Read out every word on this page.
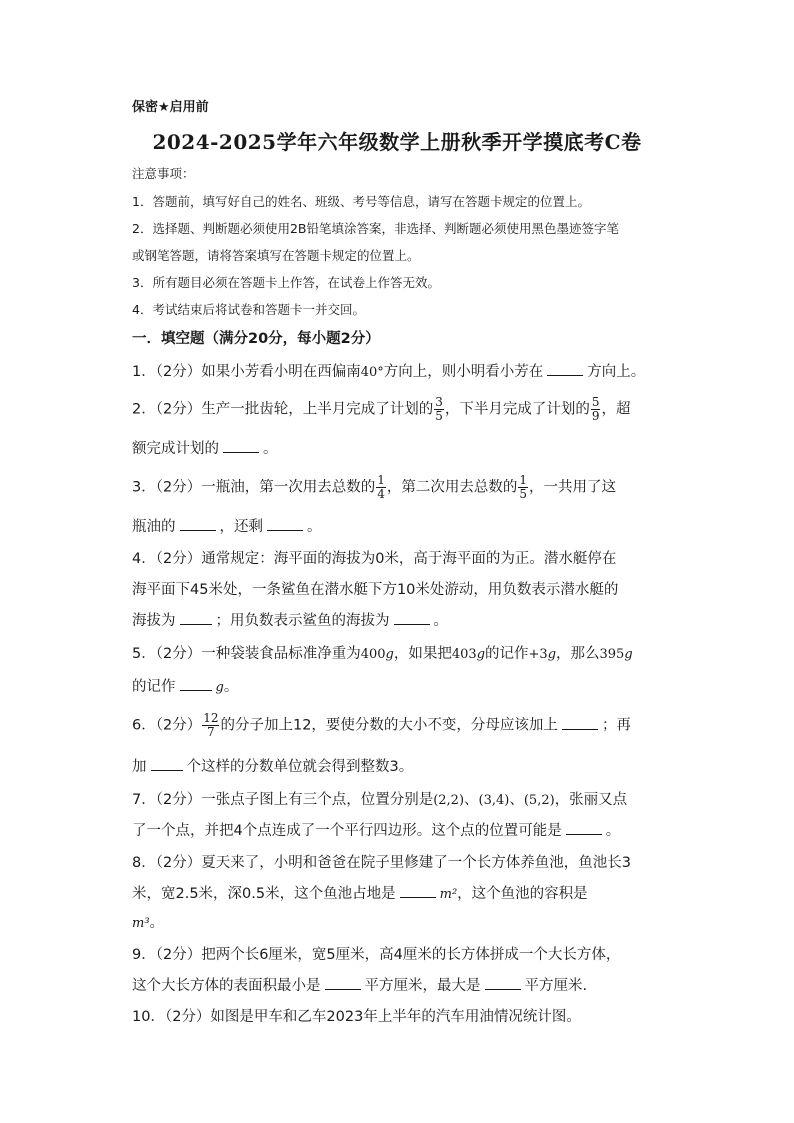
保密★启用前
2024-2025学年六年级数学上册秋季开学摸底考C卷
注意事项：
1．答题前，填写好自己的姓名、班级、考号等信息，请写在答题卡规定的位置上。
2．选择题、判断题必须使用2B铅笔填涂答案，非选择、判断题必须使用黑色墨迹签字笔
或钢笔答题，请将答案填写在答题卡规定的位置上。
3．所有题目必须在答题卡上作答，在试卷上作答无效。
4．考试结束后将试卷和答题卡一并交回。
一．填空题（满分20分，每小题2分）
1．（2分）如果小芳看小明在西偏南40°方向上，则小明看小芳在	方向上。
2．（2分）生产一批齿轮，上半月完成了计划的 $\frac{3}{5}$ ，下半月完成了计划的 $\frac{5}{9}$ ，超
额完成计划的	。
3．（2分）一瓶油，第一次用去总数的 $\frac{1}{4}$ ，第二次用去总数的 $\frac{1}{5}$ ，一共用了这
瓶油的	，还剩	。
4．（2分）通常规定：海平面的海拔为0米，高于海平面的为正。潜水艇停在
海平面下45米处，一条鲨鱼在潜水艇下方10米处游动，用负数表示潜水艇的
海拔为	；用负数表示鲨鱼的海拔为	。
5．（2分）一种袋装食品标准净重为400g，如果把403g的记作+3g，那么395g
的记作	g。
6．（2分） $\frac{12}{7}$ 的分子加上12，要使分数的大小不变，分母应该加上	；再
加	个这样的分数单位就会得到整数3。
7．（2分）一张点子图上有三个点，位置分别是(2,2)、(3,4)、(5,2)，张丽又点
了一个点，并把4个点连成了一个平行四边形。这个点的位置可能是	。
8．（2分）夏天来了，小明和爸爸在院子里修建了一个长方体养鱼池，鱼池长3
米，宽2.5米，深0.5米，这个鱼池占地是	m²，这个鱼池的容积是
m³。
9．（2分）把两个长6厘米，宽5厘米，高4厘米的长方体拼成一个大长方体，
这个大长方体的表面积最小是	平方厘米，最大是	平方厘米.
10．（2分）如图是甲车和乙车2023年上半年的汽车用油情况统计图。
